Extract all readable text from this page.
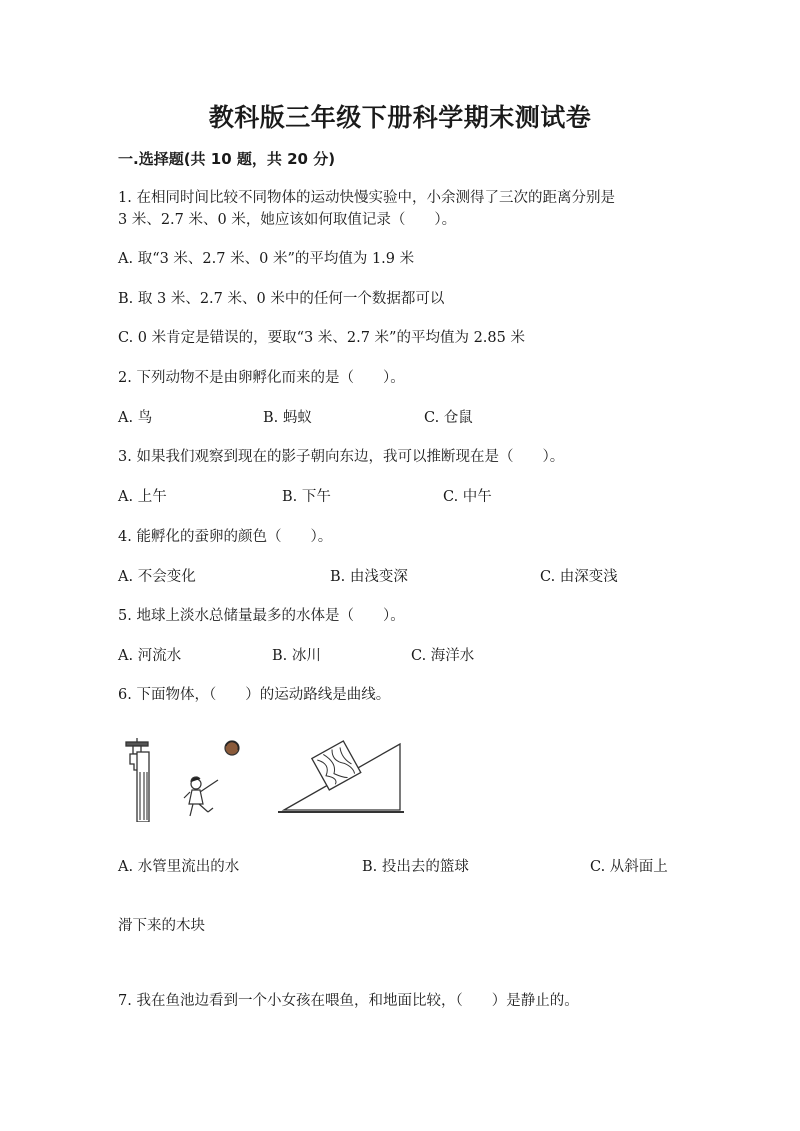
教科版三年级下册科学期末测试卷
一.选择题(共 10 题，共 20 分)
1. 在相同时间比较不同物体的运动快慢实验中，小余测得了三次的距离分别是
3 米、2.7 米、0 米，她应该如何取值记录（　　）。
A. 取“3 米、2.7 米、0 米”的平均值为 1.9 米
B. 取 3 米、2.7 米、0 米中的任何一个数据都可以
C. 0 米肯定是错误的，要取“3 米、2.7 米”的平均值为 2.85 米
2. 下列动物不是由卵孵化而来的是（　　）。
A. 鸟	B. 蚂蚁	C. 仓鼠
3. 如果我们观察到现在的影子朝向东边，我可以推断现在是（　　）。
A. 上午	B. 下午	C. 中午
4. 能孵化的蚕卵的颜色（　　）。
A. 不会变化	B. 由浅变深	C. 由深变浅
5. 地球上淡水总储量最多的水体是（　　）。
A. 河流水	B. 冰川	C. 海洋水
6. 下面物体，（　　）的运动路线是曲线。
A. 水管里流出的水	B. 投出去的篮球	C. 从斜面上
滑下来的木块
7. 我在鱼池边看到一个小女孩在喂鱼，和地面比较，（　　）是静止的。
